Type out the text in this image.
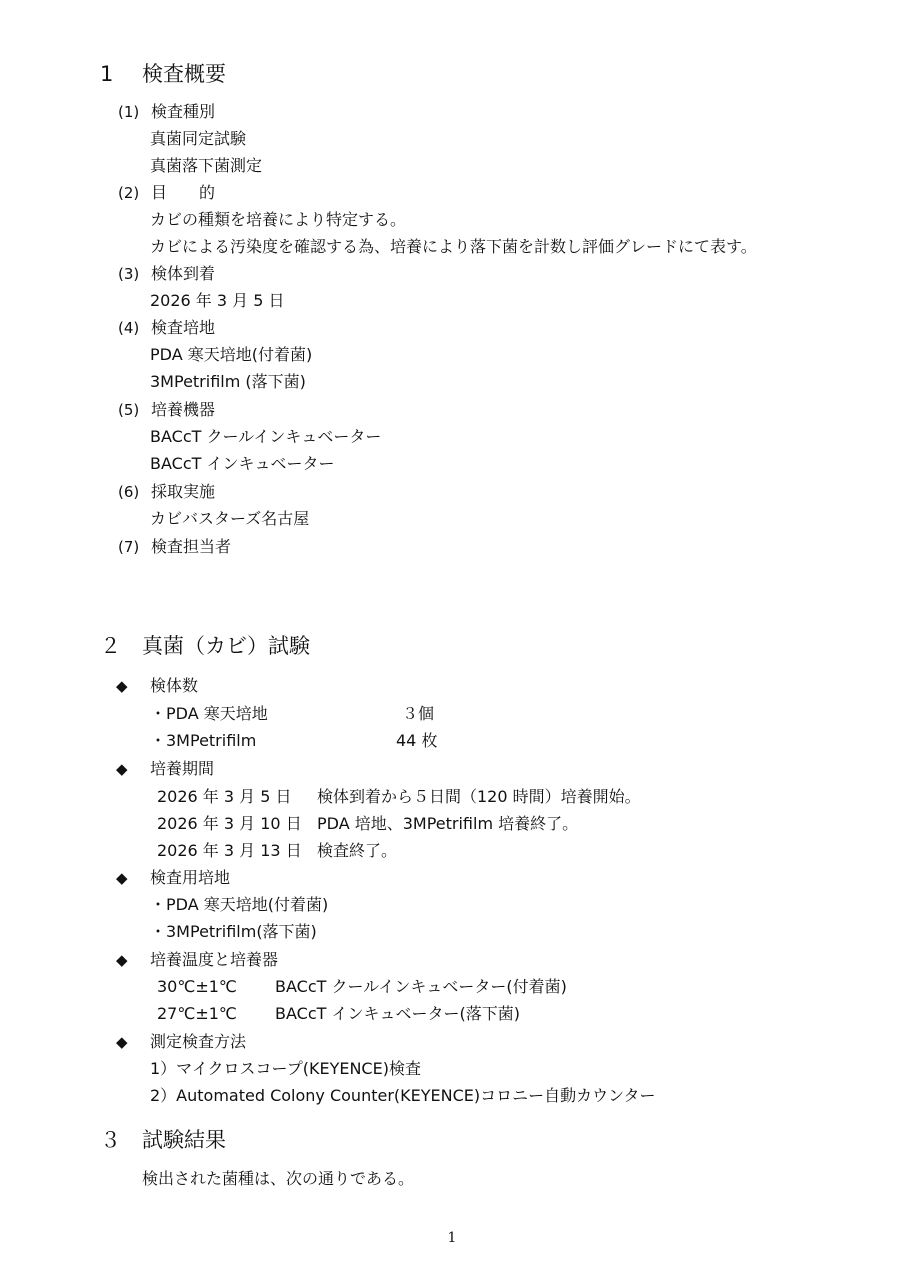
1 検査概要
(1) 検査種別
真菌同定試験
真菌落下菌測定
(2) 目　　的
カビの種類を培養により特定する。
カビによる汚染度を確認する為、培養により落下菌を計数し評価グレードにて表す。
(3) 検体到着
2026 年 3 月 5 日
(4) 検査培地
PDA 寒天培地(付着菌)
3MPetrifilm (落下菌)
(5) 培養機器
BACcT クールインキュベーター
BACcT インキュベーター
(6) 採取実施
カビバスターズ名古屋
(7) 検査担当者
２ 真菌（カビ）試験
◆ 検体数
・PDA 寒天培地	３個
・3MPetrifilm	44 枚
◆ 培養期間
2026 年 3 月 5 日 検体到着から５日間（120 時間）培養開始。
2026 年 3 月 10 日 PDA 培地、3MPetrifilm 培養終了。
2026 年 3 月 13 日 検査終了。
◆ 検査用培地
・PDA 寒天培地(付着菌)
・3MPetrifilm(落下菌)
◆ 培養温度と培養器
30℃±1℃ BACcT クールインキュベーター(付着菌)
27℃±1℃ BACcT インキュベーター(落下菌)
◆ 測定検査方法
1）マイクロスコープ(KEYENCE)検査
2）Automated Colony Counter(KEYENCE)コロニー自動カウンター
３ 試験結果
検出された菌種は、次の通りである。
1
